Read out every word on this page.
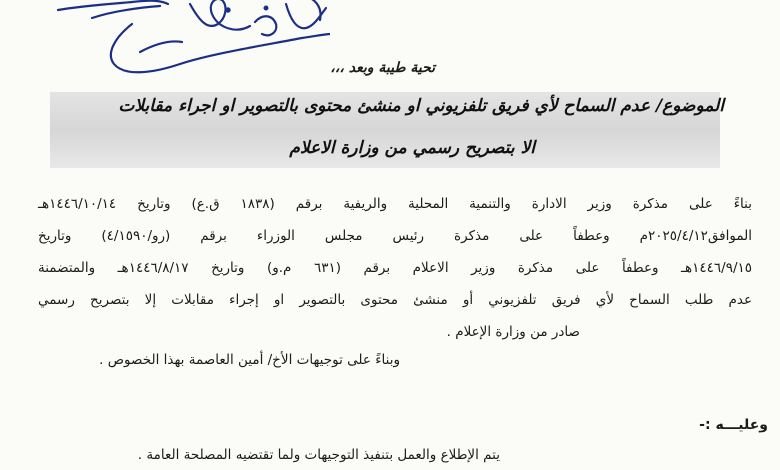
تحية طيبة وبعد ،،،
الموضوع/ عدم السماح لأي فريق تلفزيوني او منشئ محتوى بالتصوير او اجراء مقابلات
الا بتصريح رسمي من وزارة الاعلام
بناءً على مذكرة وزير الادارة والتنمية المحلية والريفية برقم (١٨٣٨ ق.ع) وتاريخ ١٤٤٦/١٠/١٤هـ
الموافق٢٠٢٥/٤/١٢م وعطفاً على مذكرة رئيس مجلس الوزراء برقم (رو/٤/١٥٩٠) وتاريخ
١٤٤٦/٩/١٥هـ وعطفاً على مذكرة وزير الاعلام برقم (٦٣١ م.و) وتاريخ ١٤٤٦/٨/١٧هـ والمتضمنة
عدم طلب السماح لأي فريق تلفزيوني أو منشئ محتوى بالتصوير او إجراء مقابلات إلا بتصريح رسمي
صادر من وزارة الإعلام .
وبناءً على توجيهات الأخ/ أمين العاصمة بهذا الخصوص .
وعليـــه :-
يتم الإطلاع والعمل بتنفيذ التوجيهات ولما تقتضيه المصلحة العامة .
